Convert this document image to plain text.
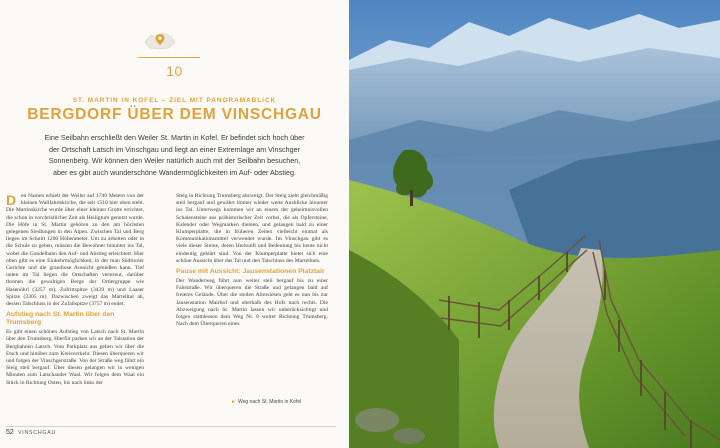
10
ST. MARTIN IN KOFEL – ZIEL MIT PANORAMABLICK
BERGDORF ÜBER DEM VINSCHGAU

Eine Seilbahn erschließt den Weiler St. Martin in Kofel. Er befindet sich hoch über

der Ortschaft Latsch im Vinschgau und liegt an einer Extremlage am Vinschger

Sonnenberg. Wir können den Weiler natürlich auch mit der Seilbahn besuchen,

aber es gibt auch wunderschöne Wandermöglichkeiten im Auf- oder Abstieg.

Den Namen erhielt der Weiler auf 1740 Metern von der kleinen Wallfahrtskirche, die seit 1510 hier oben steht. Die Martinskirche wurde über einer kleinen Grotte errichtet, die schon in vorchristlicher Zeit als Heiligtum genutzt wurde. Die Höfe in St. Martin gehören zu den am höchsten gelegenen Siedlungen in den Alpen. Zwischen Tal und Berg liegen im Schnitt 1200 Höhenmeter. Um zu arbeiten oder in die Schule zu gehen, müssen die Bewohner hinunter ins Tal, wobei die Gondelbahn den Auf- und Abstieg erleichtert. Hier oben gibt es eine Einkehrmöglichkeit, in der man Südtiroler Gerichte und die grandiose Aussicht genießen kann. Tief unten im Tal liegen die Ortschaften verstreut, darüber thronen die gewaltigen Berge der Ortlergruppe wie Hasenöhrl (3257 m), Zufrittspitze (3439 m) und Laaser Spitze (3305 m). Dazwischen zweigt das Martelltal ab, dessen Talschluss in der Zufallspitze (3757 m) endet.

Aufstieg nach St. Martin über den Trumsberg

Es gibt einen schönen Aufstieg von Latsch nach St. Martin über den Trumsberg. Hierfür parken wir an der Talstation der Bergbahnen Latsch. Vom Parkplatz aus gehen wir über die Etsch und hinüber zum Kreisverkehr. Diesen überqueren wir und folgen der Vinschgerstraße. Von der Straße weg führt ein Steig steil bergauf. Über diesen gelangen wir in wenigen Minuten zum Latschander Waal. Wir folgen dem Waal ein Stück in Richtung Osten, bis nach links der

Steig in Richtung Trumsberg abzweigt. Der Steig zieht gleichmäßig steil bergauf und gewährt immer wieder weite Ausblicke hinunter ins Tal. Unterwegs kommen wir an einem der geheimnisvollen Schalensteine aus prähistorischer Zeit vorbei, die als Opfersteine, Kalender oder Wegmarken dienten, und gelangen bald zu einer Klumperplatte, die in früheren Zeiten vielleicht einmal als Kommunikationsmittel verwendet wurde. Im Vinschgau gibt es viele dieser Steine, deren Herkunft und Bedeutung bis heute nicht eindeutig geklärt sind. Von der Klumperplatte bietet sich eine schöne Aussicht über das Tal und den Talschluss des Martelltals.

Pause mit Aussicht: Jausenstationen Platztair

Der Wanderweg führt nun weiter steil bergauf bis zu einer Fahrstraße. Wir überqueren die Straße und gelangen bald auf freieres Gelände. Über die steilen Almwiesen geht es nun bis zur Jausenstation Mairhof und oberhalb des Hofs nach rechts. Die Abzweigung nach St. Martin lassen wir unberücksichtigt und folgen stattdessen dem Weg Nr. 8 weiter Richtung Trumsberg. Nach dem Überqueren eines

► Weg nach St. Martin in Kofel
52 VINSCHGAU
